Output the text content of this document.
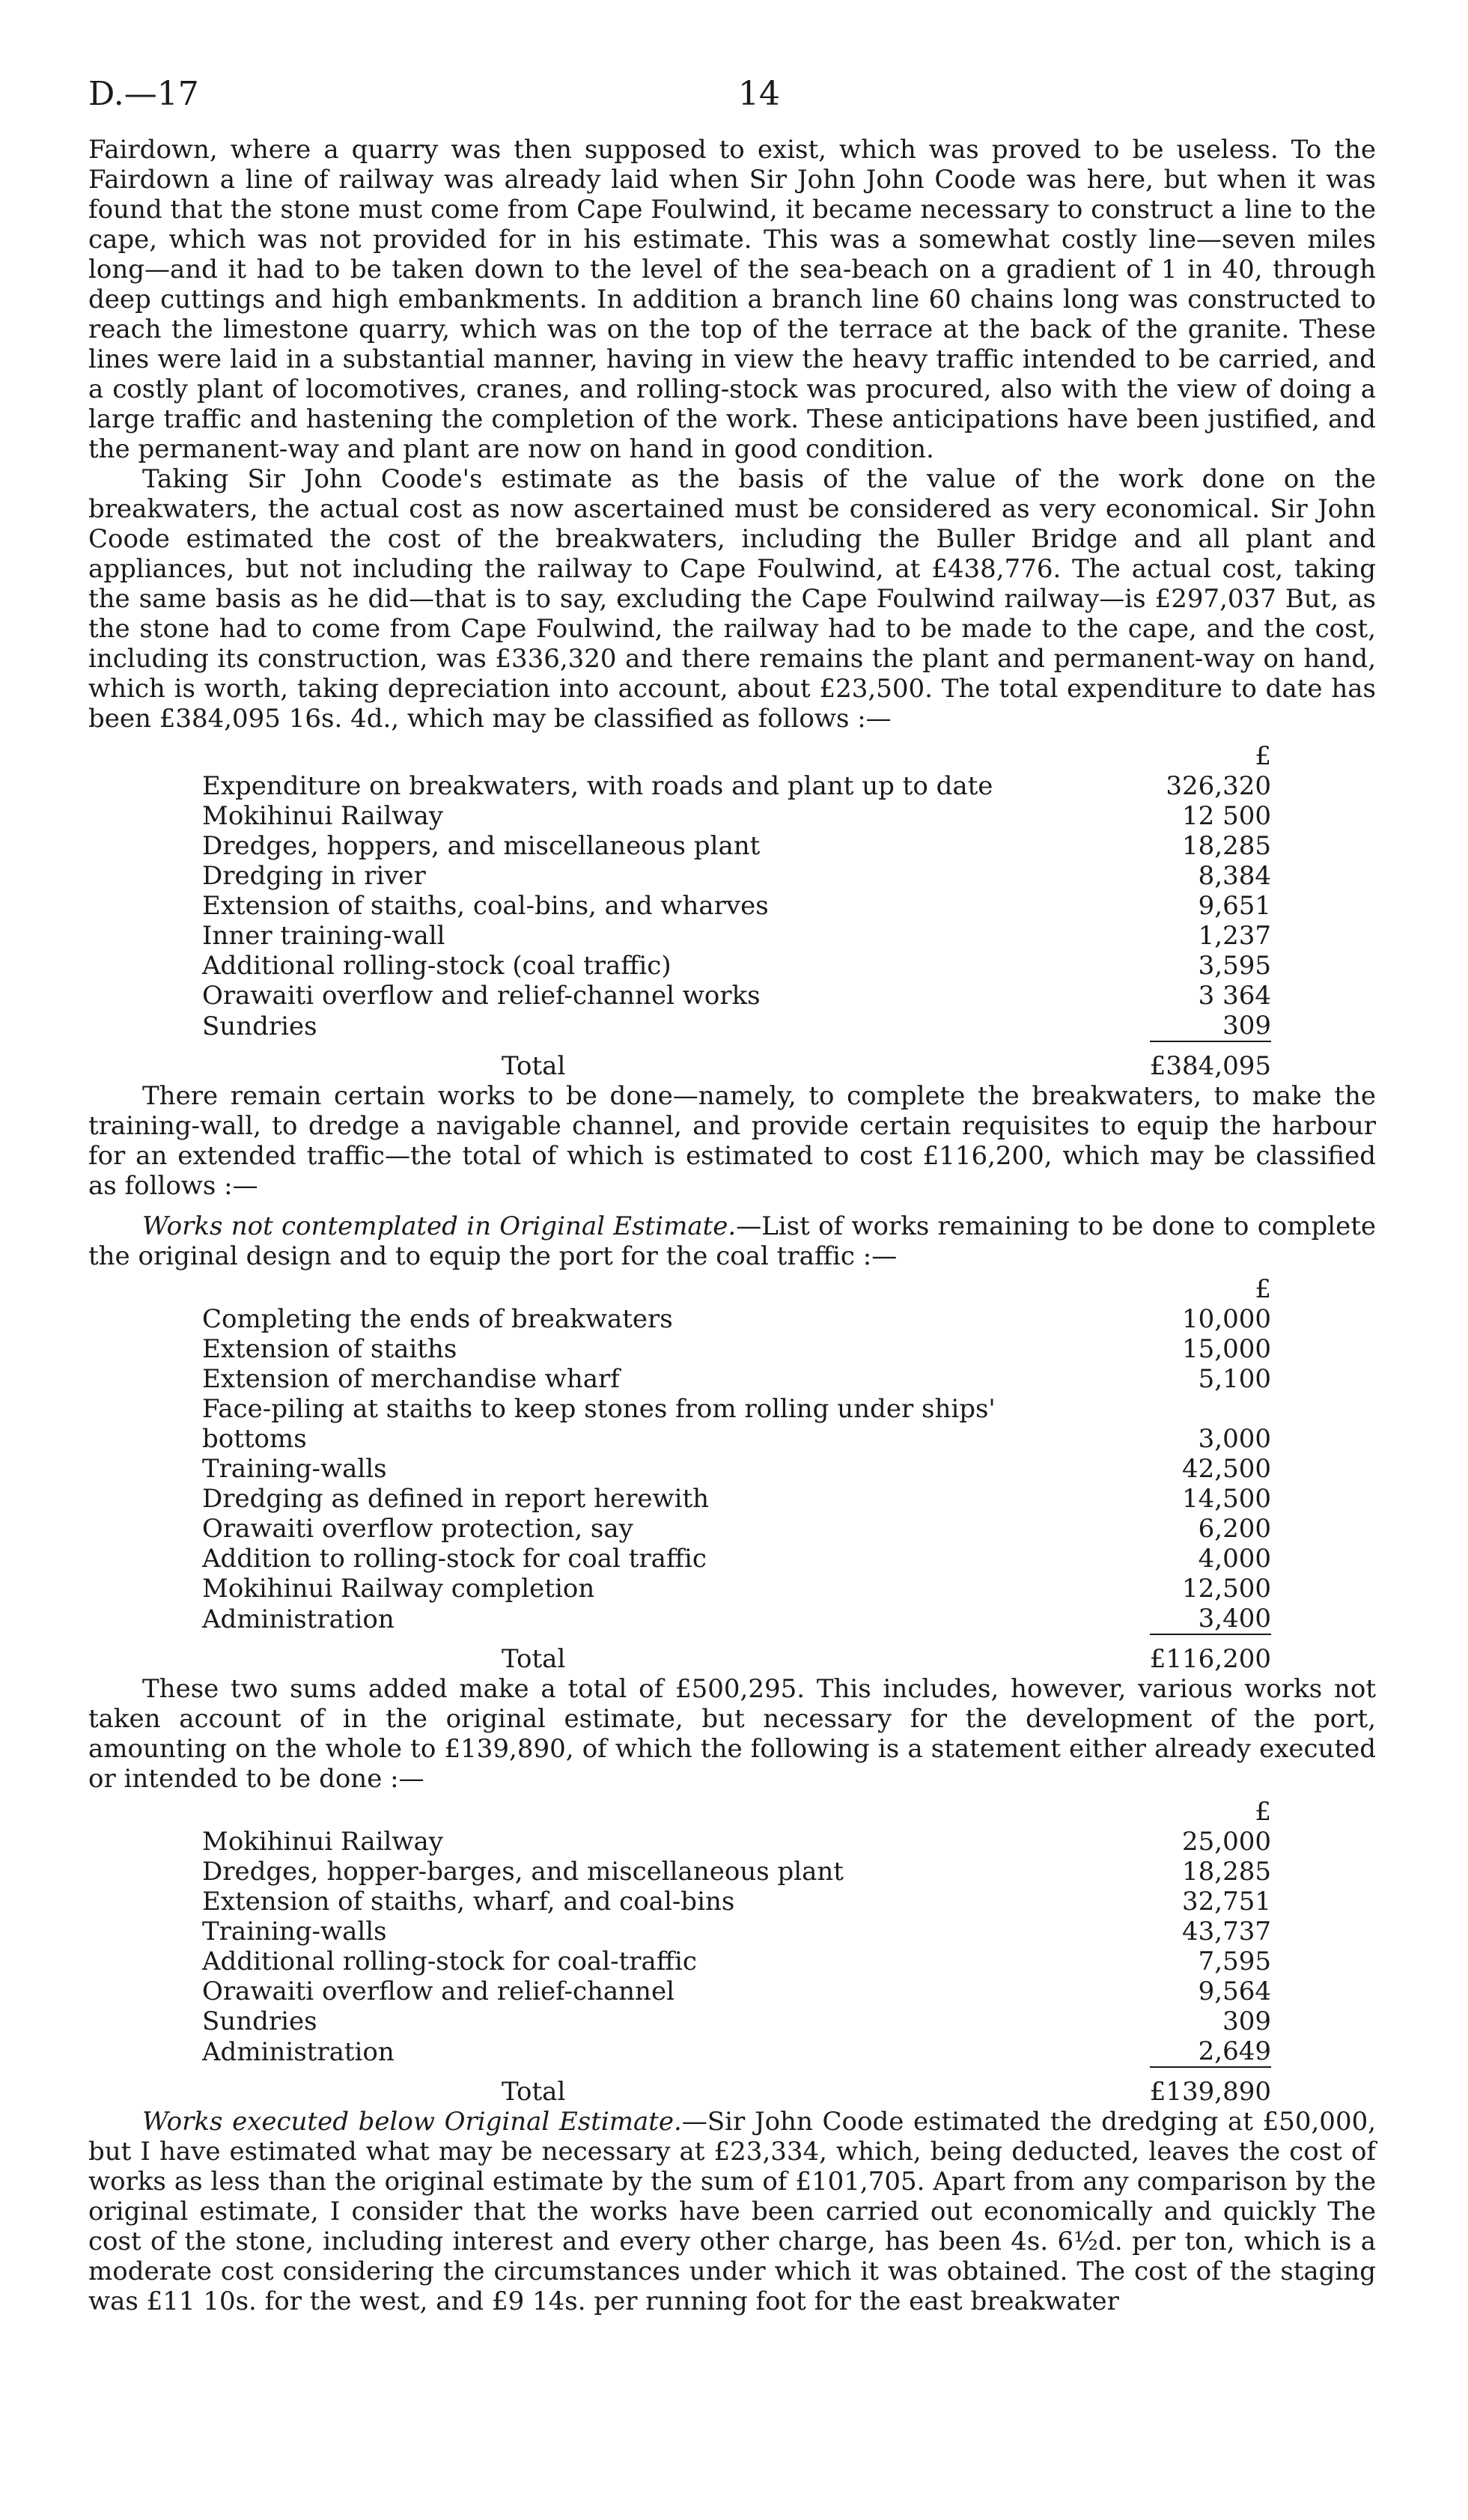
D.—17	14

Fairdown, where a quarry was then supposed to exist, which was proved to be useless. To the Fairdown a line of railway was already laid when Sir John John Coode was here, but when it was found that the stone must come from Cape Foulwind, it became necessary to construct a line to the cape, which was not provided for in his estimate. This was a somewhat costly line—seven miles long—and it had to be taken down to the level of the sea-beach on a gradient of 1 in 40, through deep cuttings and high embankments. In addition a branch line 60 chains long was constructed to reach the limestone quarry, which was on the top of the terrace at the back of the granite. These lines were laid in a substantial manner, having in view the heavy traffic intended to be carried, and a costly plant of locomotives, cranes, and rolling-stock was procured, also with the view of doing a large traffic and hastening the completion of the work. These anticipations have been justified, and the permanent-way and plant are now on hand in good condition.

Taking Sir John Coode's estimate as the basis of the value of the work done on the breakwaters, the actual cost as now ascertained must be considered as very economical. Sir John Coode estimated the cost of the breakwaters, including the Buller Bridge and all plant and appliances, but not including the railway to Cape Foulwind, at £438,776. The actual cost, taking the same basis as he did—that is to say, excluding the Cape Foulwind railway—is £297,037 But, as the stone had to come from Cape Foulwind, the railway had to be made to the cape, and the cost, including its construction, was £336,320 and there remains the plant and permanent-way on hand, which is worth, taking depreciation into account, about £23,500. The total expenditure to date has been £384,095 16s. 4d., which may be classified as follows :—

		£
Expenditure on breakwaters, with roads and plant up to date		326,320
Mokihinui Railway		12 500
Dredges, hoppers, and miscellaneous plant		18,285
Dredging in river		8,384
Extension of staiths, coal-bins, and wharves		9,651
Inner training-wall		1,237
Additional rolling-stock (coal traffic)		3,595
Orawaiti overflow and relief-channel works		3 364
Sundries		309
Total		£384,095

There remain certain works to be done—namely, to complete the breakwaters, to make the training-wall, to dredge a navigable channel, and provide certain requisites to equip the harbour for an extended traffic—the total of which is estimated to cost £116,200, which may be classified as follows :—

Works not contemplated in Original Estimate.—List of works remaining to be done to complete the original design and to equip the port for the coal traffic :—

		£
Completing the ends of breakwaters		10,000
Extension of staiths		15,000
Extension of merchandise wharf		5,100
Face-piling at staiths to keep stones from rolling under ships' bottoms		3,000
Training-walls		42,500
Dredging as defined in report herewith		14,500
Orawaiti overflow protection, say		6,200
Addition to rolling-stock for coal traffic		4,000
Mokihinui Railway completion		12,500
Administration		3,400
Total		£116,200

These two sums added make a total of £500,295. This includes, however, various works not taken account of in the original estimate, but necessary for the development of the port, amounting on the whole to £139,890, of which the following is a statement either already executed or intended to be done :—

		£
Mokihinui Railway		25,000
Dredges, hopper-barges, and miscellaneous plant		18,285
Extension of staiths, wharf, and coal-bins		32,751
Training-walls		43,737
Additional rolling-stock for coal-traffic		7,595
Orawaiti overflow and relief-channel		9,564
Sundries		309
Administration		2,649
Total		£139,890

Works executed below Original Estimate.—Sir John Coode estimated the dredging at £50,000, but I have estimated what may be necessary at £23,334, which, being deducted, leaves the cost of works as less than the original estimate by the sum of £101,705. Apart from any comparison by the original estimate, I consider that the works have been carried out economically and quickly The cost of the stone, including interest and every other charge, has been 4s. 6½d. per ton, which is a moderate cost considering the circumstances under which it was obtained. The cost of the staging was £11 10s. for the west, and £9 14s. per running foot for the east breakwater
